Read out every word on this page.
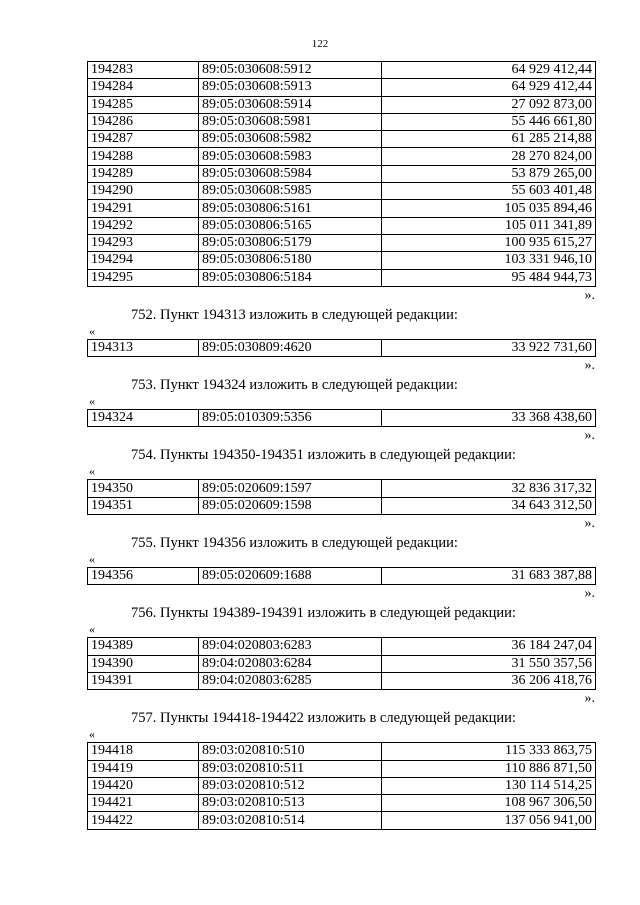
122
194283	89:05:030608:5912	64 929 412,44
194284	89:05:030608:5913	64 929 412,44
194285	89:05:030608:5914	27 092 873,00
194286	89:05:030608:5981	55 446 661,80
194287	89:05:030608:5982	61 285 214,88
194288	89:05:030608:5983	28 270 824,00
194289	89:05:030608:5984	53 879 265,00
194290	89:05:030608:5985	55 603 401,48
194291	89:05:030806:5161	105 035 894,46
194292	89:05:030806:5165	105 011 341,89
194293	89:05:030806:5179	100 935 615,27
194294	89:05:030806:5180	103 331 946,10
194295	89:05:030806:5184	95 484 944,73
».
752. Пункт 194313 изложить в следующей редакции:
«
194313	89:05:030809:4620	33 922 731,60
».
753. Пункт 194324 изложить в следующей редакции:
«
194324	89:05:010309:5356	33 368 438,60
».
754. Пункты 194350-194351 изложить в следующей редакции:
«
194350	89:05:020609:1597	32 836 317,32
194351	89:05:020609:1598	34 643 312,50
».
755. Пункт 194356 изложить в следующей редакции:
«
194356	89:05:020609:1688	31 683 387,88
».
756. Пункты 194389-194391 изложить в следующей редакции:
«
194389	89:04:020803:6283	36 184 247,04
194390	89:04:020803:6284	31 550 357,56
194391	89:04:020803:6285	36 206 418,76
».
757. Пункты 194418-194422 изложить в следующей редакции:
«
194418	89:03:020810:510	115 333 863,75
194419	89:03:020810:511	110 886 871,50
194420	89:03:020810:512	130 114 514,25
194421	89:03:020810:513	108 967 306,50
194422	89:03:020810:514	137 056 941,00
